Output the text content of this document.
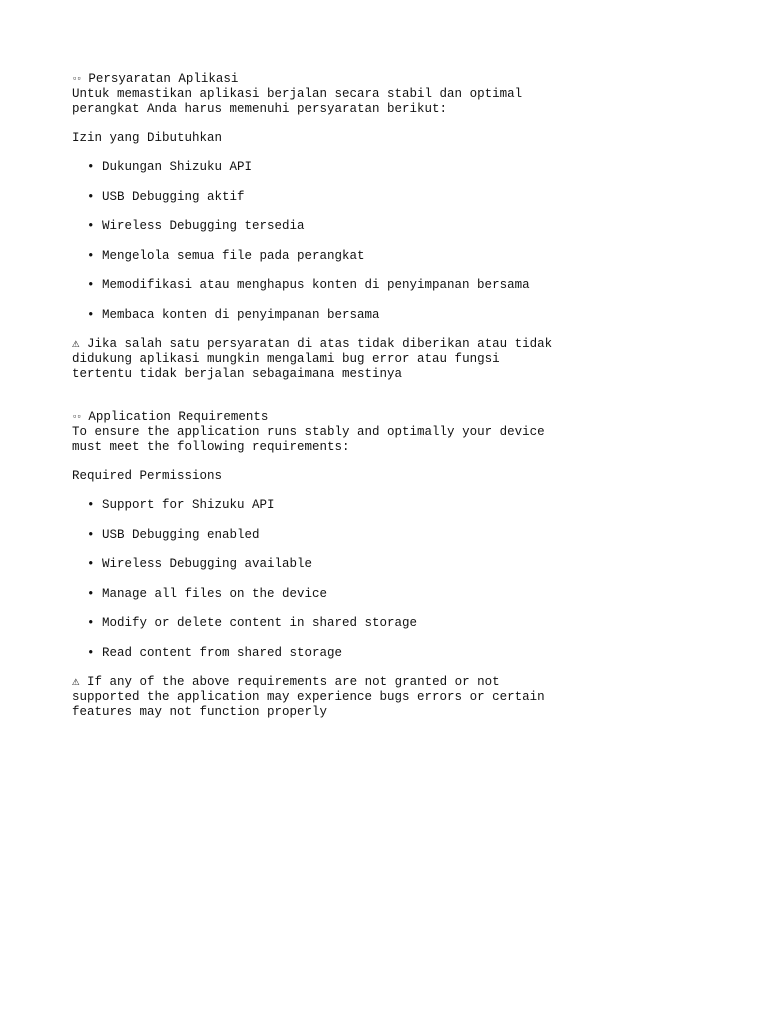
▫▫ Persyaratan Aplikasi

Untuk memastikan aplikasi berjalan secara stabil dan optimal

perangkat Anda harus memenuhi persyaratan berikut:

Izin yang Dibutuhkan

• Dukungan Shizuku API
• USB Debugging aktif
• Wireless Debugging tersedia
• Mengelola semua file pada perangkat
• Memodifikasi atau menghapus konten di penyimpanan bersama
• Membaca konten di penyimpanan bersama

⚠ Jika salah satu persyaratan di atas tidak diberikan atau tidak

didukung aplikasi mungkin mengalami bug error atau fungsi

tertentu tidak berjalan sebagaimana mestinya

▫▫ Application Requirements

To ensure the application runs stably and optimally your device

must meet the following requirements:

Required Permissions

• Support for Shizuku API
• USB Debugging enabled
• Wireless Debugging available
• Manage all files on the device
• Modify or delete content in shared storage
• Read content from shared storage

⚠ If any of the above requirements are not granted or not

supported the application may experience bugs errors or certain

features may not function properly
